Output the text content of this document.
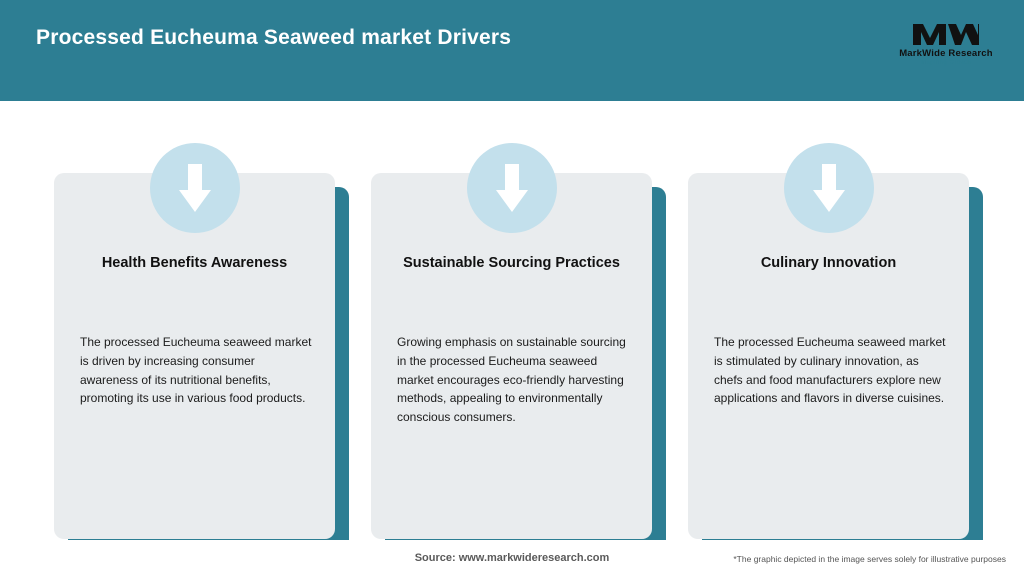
Processed Eucheuma Seaweed market Drivers
MarkWide Research
Inspiring Growth
Health Benefits Awareness
The processed Eucheuma seaweed market is driven by increasing consumer awareness of its nutritional benefits, promoting its use in various food products.
Sustainable Sourcing Practices
Growing emphasis on sustainable sourcing in the processed Eucheuma seaweed market encourages eco-friendly harvesting methods, appealing to environmentally conscious consumers.
Culinary Innovation
The processed Eucheuma seaweed market is stimulated by culinary innovation, as chefs and food manufacturers explore new applications and flavors in diverse cuisines.
Source: www.markwideresearch.com	*The graphic depicted in the image serves solely for illustrative purposes
